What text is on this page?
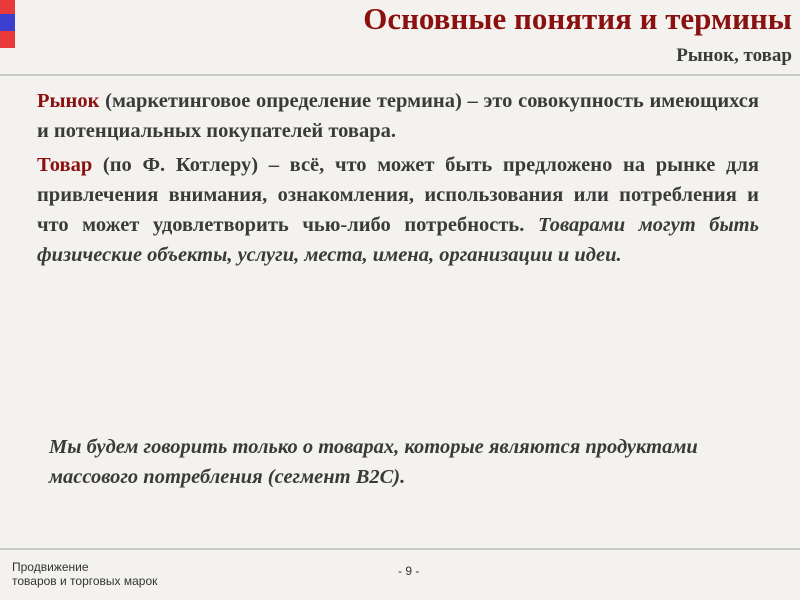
Основные понятия и термины
Рынок, товар

Рынок (маркетинговое определение термина) – это совокупность имеющихся и потенциальных покупателей товара.

Товар (по Ф. Котлеру) – всё, что может быть предложено на рынке для привлечения внимания, ознакомления, использования или потребления и что может удовлетворить чью-либо потребность. Товарами могут быть физические объекты, услуги, места, имена, организации и идеи.

Мы будем говорить только о товарах, которые являются продуктами массового потребления (сегмент B2C).
Продвижение
товаров и торговых марок
- 9 -
